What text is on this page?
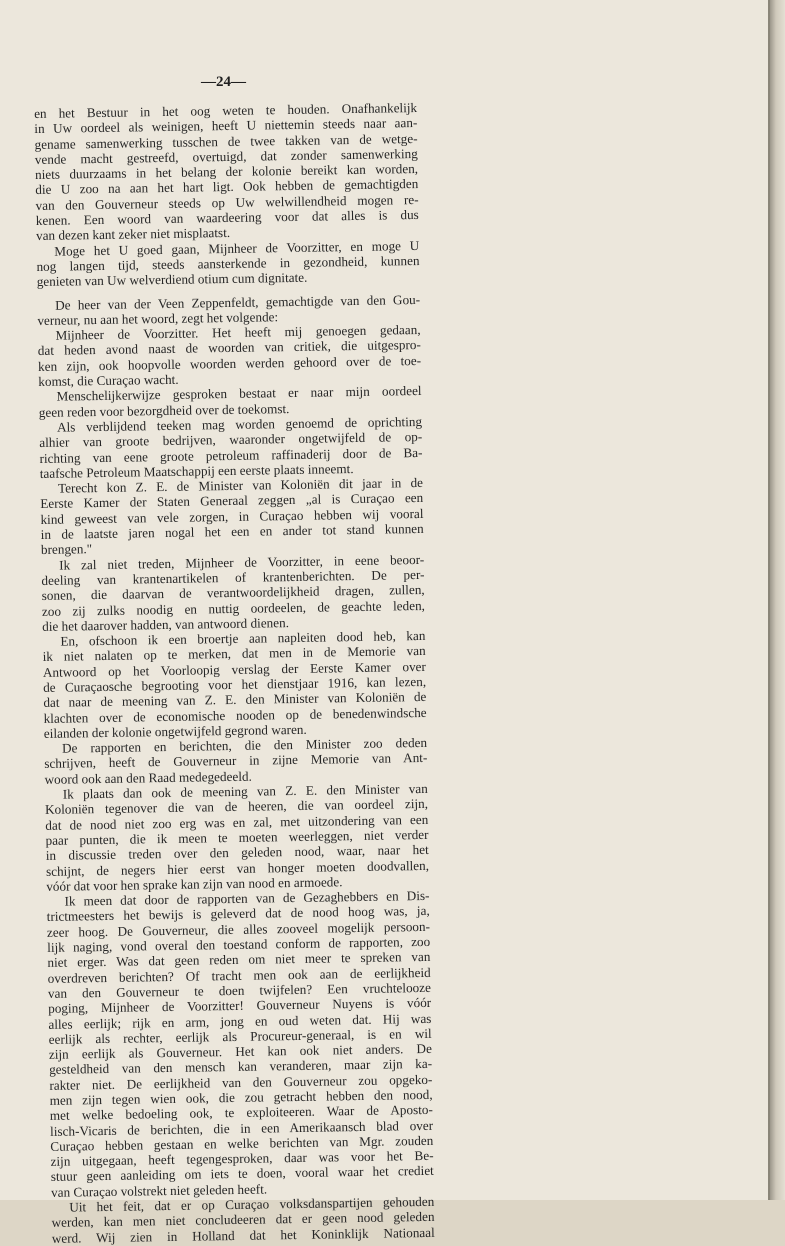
—24—
en het Bestuur in het oog weten te houden. Onafhankelijk
in Uw oordeel als weinigen, heeft U niettemin steeds naar aan-
gename samenwerking tusschen de twee takken van de wetge-
vende macht gestreefd, overtuigd, dat zonder samenwerking
niets duurzaams in het belang der kolonie bereikt kan worden,
die U zoo na aan het hart ligt. Ook hebben de gemachtigden
van den Gouverneur steeds op Uw welwillendheid mogen re-
kenen. Een woord van waardeering voor dat alles is dus
van dezen kant zeker niet misplaatst.
Moge het U goed gaan, Mijnheer de Voorzitter, en moge U
nog langen tijd, steeds aansterkende in gezondheid, kunnen
genieten van Uw welverdiend otium cum dignitate.
De heer van der Veen Zeppenfeldt, gemachtigde van den Gou-
verneur, nu aan het woord, zegt het volgende:
Mijnheer de Voorzitter. Het heeft mij genoegen gedaan,
dat heden avond naast de woorden van critiek, die uitgespro-
ken zijn, ook hoopvolle woorden werden gehoord over de toe-
komst, die Curaçao wacht.
Menschelijkerwijze gesproken bestaat er naar mijn oordeel
geen reden voor bezorgdheid over de toekomst.
Als verblijdend teeken mag worden genoemd de oprichting
alhier van groote bedrijven, waaronder ongetwijfeld de op-
richting van eene groote petroleum raffinaderij door de Ba-
taafsche Petroleum Maatschappij een eerste plaats inneemt.
Terecht kon Z. E. de Minister van Koloniën dit jaar in de
Eerste Kamer der Staten Generaal zeggen „al is Curaçao een
kind geweest van vele zorgen, in Curaçao hebben wij vooral
in de laatste jaren nogal het een en ander tot stand kunnen
brengen."
Ik zal niet treden, Mijnheer de Voorzitter, in eene beoor-
deeling van krantenartikelen of krantenberichten. De per-
sonen, die daarvan de verantwoordelijkheid dragen, zullen,
zoo zij zulks noodig en nuttig oordeelen, de geachte leden,
die het daarover hadden, van antwoord dienen.
En, ofschoon ik een broertje aan napleiten dood heb, kan
ik niet nalaten op te merken, dat men in de Memorie van
Antwoord op het Voorloopig verslag der Eerste Kamer over
de Curaçaosche begrooting voor het dienstjaar 1916, kan lezen,
dat naar de meening van Z. E. den Minister van Koloniën de
klachten over de economische nooden op de benedenwindsche
eilanden der kolonie ongetwijfeld gegrond waren.
De rapporten en berichten, die den Minister zoo deden
schrijven, heeft de Gouverneur in zijne Memorie van Ant-
woord ook aan den Raad medegedeeld.
Ik plaats dan ook de meening van Z. E. den Minister van
Koloniën tegenover die van de heeren, die van oordeel zijn,
dat de nood niet zoo erg was en zal, met uitzondering van een
paar punten, die ik meen te moeten weerleggen, niet verder
in discussie treden over den geleden nood, waar, naar het
schijnt, de negers hier eerst van honger moeten doodvallen,
vóór dat voor hen sprake kan zijn van nood en armoede.
Ik meen dat door de rapporten van de Gezaghebbers en Dis-
trictmeesters het bewijs is geleverd dat de nood hoog was, ja,
zeer hoog. De Gouverneur, die alles zooveel mogelijk persoon-
lijk naging, vond overal den toestand conform de rapporten, zoo
niet erger. Was dat geen reden om niet meer te spreken van
overdreven berichten? Of tracht men ook aan de eerlijkheid
van den Gouverneur te doen twijfelen? Een vruchtelooze
poging, Mijnheer de Voorzitter! Gouverneur Nuyens is vóór
alles eerlijk; rijk en arm, jong en oud weten dat. Hij was
eerlijk als rechter, eerlijk als Procureur-generaal, is en wil
zijn eerlijk als Gouverneur. Het kan ook niet anders. De
gesteldheid van den mensch kan veranderen, maar zijn ka-
rakter niet. De eerlijkheid van den Gouverneur zou opgeko-
men zijn tegen wien ook, die zou getracht hebben den nood,
met welke bedoeling ook, te exploiteeren. Waar de Aposto-
lisch-Vicaris de berichten, die in een Amerikaansch blad over
Curaçao hebben gestaan en welke berichten van Mgr. zouden
zijn uitgegaan, heeft tegengesproken, daar was voor het Be-
stuur geen aanleiding om iets te doen, vooral waar het crediet
van Curaçao volstrekt niet geleden heeft.
Uit het feit, dat er op Curaçao volksdanspartijen gehouden
werden, kan men niet concludeeren dat er geen nood geleden
werd. Wij zien in Holland dat het Koninklijk Nationaal
